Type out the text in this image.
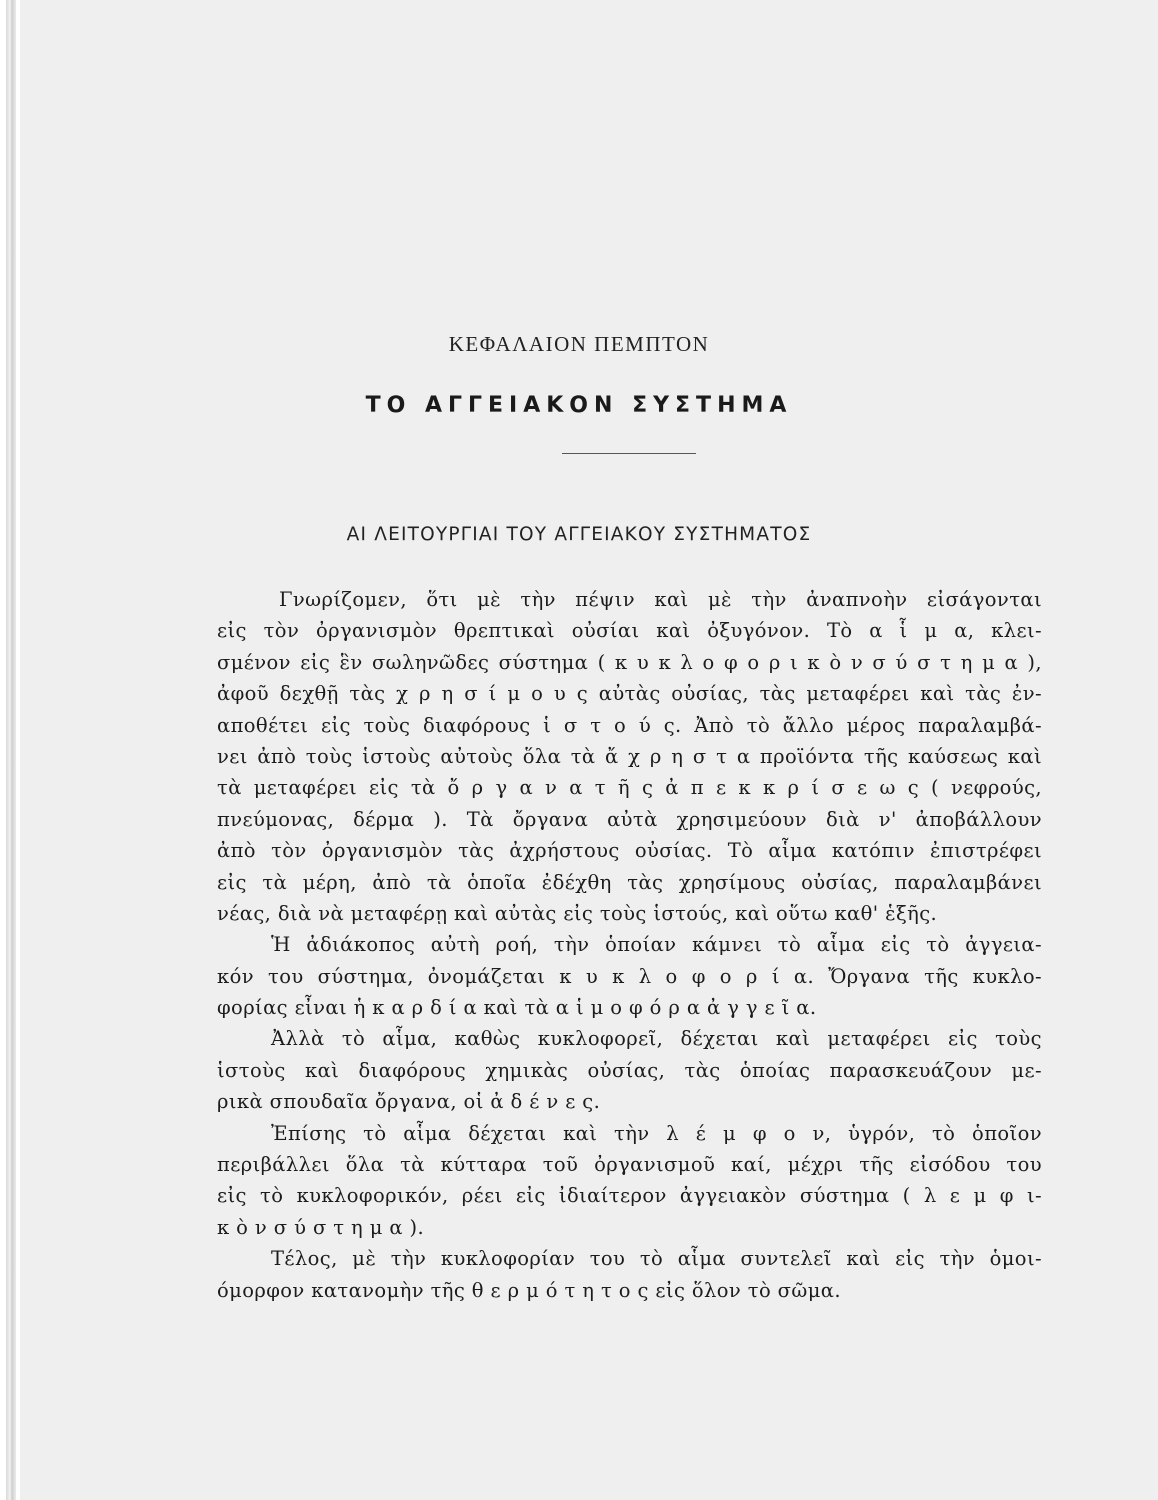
ΚΕΦΑΛΑΙΟΝ ΠΕΜΠΤΟΝ
ΤΟ ΑΓΓΕΙΑΚΟΝ ΣΥΣΤΗΜΑ
ΑΙ ΛΕΙΤΟΥΡΓΙΑΙ ΤΟΥ ΑΓΓΕΙΑΚΟΥ ΣΥΣΤΗΜΑΤΟΣ
Γνωρίζομεν, ὅτι μὲ τὴν πέψιν καὶ μὲ τὴν ἀναπνοὴν εἰσάγονται
εἰς τὸν ὀργανισμὸν θρεπτικαὶ οὐσίαι καὶ ὀξυγόνον. Τὸ α ἷ μ α, κλει-
σμένον εἰς ἓν σωληνῶδες σύστημα ( κ υ κ λ ο φ ο ρ ι κ ὸ ν σ ύ σ τ η μ α ),
ἀφοῦ δεχθῇ τὰς χ ρ η σ ί μ ο υ ς αὐτὰς οὐσίας, τὰς μεταφέρει καὶ τὰς ἐν-
αποθέτει εἰς τοὺς διαφόρους ἱ σ τ ο ύ ς. Ἀπὸ τὸ ἄλλο μέρος παραλαμβά-
νει ἀπὸ τοὺς ἱστοὺς αὐτοὺς ὅλα τὰ ἄ χ ρ η σ τ α προϊόντα τῆς καύσεως καὶ
τὰ μεταφέρει εἰς τὰ ὄ ρ γ α ν α τ ῆ ς ἀ π ε κ κ ρ ί σ ε ω ς ( νεφρούς,
πνεύμονας, δέρμα ). Τὰ ὄργανα αὐτὰ χρησιμεύουν διὰ ν' ἀποβάλλουν
ἀπὸ τὸν ὀργανισμὸν τὰς ἀχρήστους οὐσίας. Τὸ αἷμα κατόπιν ἐπιστρέφει
εἰς τὰ μέρη, ἀπὸ τὰ ὁποῖα ἐδέχθη τὰς χρησίμους οὐσίας, παραλαμβάνει
νέας, διὰ νὰ μεταφέρῃ καὶ αὐτὰς εἰς τοὺς ἱστούς, καὶ οὕτω καθ' ἑξῆς.
Ἡ ἀδιάκοπος αὐτὴ ροή, τὴν ὁποίαν κάμνει τὸ αἷμα εἰς τὸ ἀγγεια-
κόν του σύστημα, ὀνομάζεται κ υ κ λ ο φ ο ρ ί α. Ὄργανα τῆς κυκλο-
φορίας εἶναι ἡ κ α ρ δ ί α καὶ τὰ α ἱ μ ο φ ό ρ α ἀ γ γ ε ῖ α.
Ἀλλὰ τὸ αἷμα, καθὼς κυκλοφορεῖ, δέχεται καὶ μεταφέρει εἰς τοὺς
ἱστοὺς καὶ διαφόρους χημικὰς οὐσίας, τὰς ὁποίας παρασκευάζουν με-
ρικὰ σπουδαῖα ὄργανα, οἱ ἀ δ έ ν ε ς.
Ἐπίσης τὸ αἷμα δέχεται καὶ τὴν λ έ μ φ ο ν, ὑγρόν, τὸ ὁποῖον
περιβάλλει ὅλα τὰ κύτταρα τοῦ ὀργανισμοῦ καί, μέχρι τῆς εἰσόδου του
εἰς τὸ κυκλοφορικόν, ρέει εἰς ἰδιαίτερον ἀγγειακὸν σύστημα ( λ ε μ φ ι-
κ ὸ ν σ ύ σ τ η μ α ).
Τέλος, μὲ τὴν κυκλοφορίαν του τὸ αἷμα συντελεῖ καὶ εἰς τὴν ὁμοι-
όμορφον κατανομὴν τῆς θ ε ρ μ ό τ η τ ο ς εἰς ὅλον τὸ σῶμα.
